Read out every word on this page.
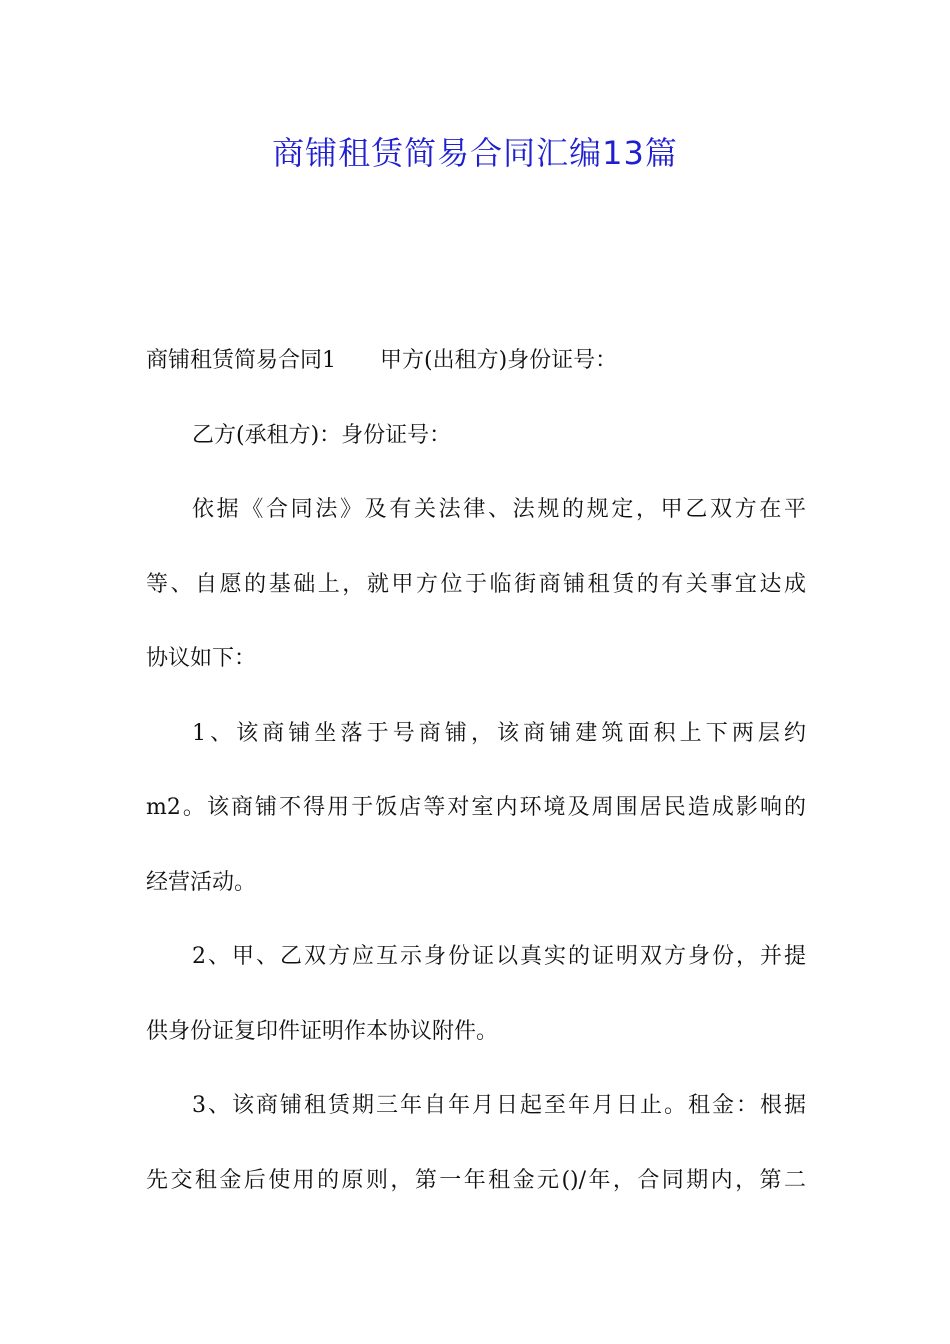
商铺租赁简易合同汇编13篇
商铺租赁简易合同1 甲方(出租方)身份证号：
乙方(承租方)：身份证号：
依据《合同法》及有关法律、法规的规定，甲乙双方在平
等、自愿的基础上，就甲方位于临街商铺租赁的有关事宜达成
协议如下：
1、该商铺坐落于号商铺，该商铺建筑面积上下两层约
m2。该商铺不得用于饭店等对室内环境及周围居民造成影响的
经营活动。
2、甲、乙双方应互示身份证以真实的证明双方身份，并提
供身份证复印件证明作本协议附件。
3、该商铺租赁期三年自年月日起至年月日止。租金：根据
先交租金后使用的原则，第一年租金元()/年，合同期内，第二
